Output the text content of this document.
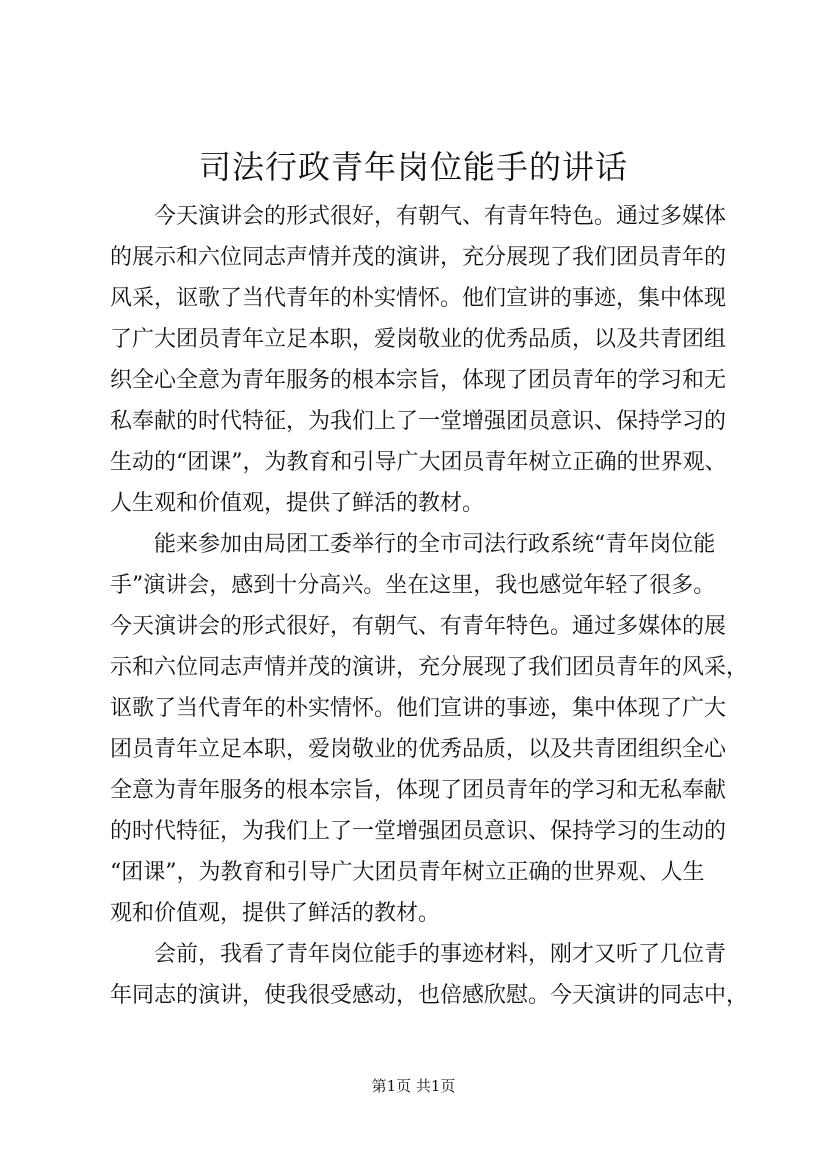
司法行政青年岗位能手的讲话
　　今天演讲会的形式很好，有朝气、有青年特色。通过多媒体
的展示和六位同志声情并茂的演讲，充分展现了我们团员青年的
风采，讴歌了当代青年的朴实情怀。他们宣讲的事迹，集中体现
了广大团员青年立足本职，爱岗敬业的优秀品质，以及共青团组
织全心全意为青年服务的根本宗旨，体现了团员青年的学习和无
私奉献的时代特征，为我们上了一堂增强团员意识、保持学习的
生动的“团课”，为教育和引导广大团员青年树立正确的世界观、
人生观和价值观，提供了鲜活的教材。
　　能来参加由局团工委举行的全市司法行政系统“青年岗位能
手”演讲会，感到十分高兴。坐在这里，我也感觉年轻了很多。
今天演讲会的形式很好，有朝气、有青年特色。通过多媒体的展
示和六位同志声情并茂的演讲，充分展现了我们团员青年的风采，
讴歌了当代青年的朴实情怀。他们宣讲的事迹，集中体现了广大
团员青年立足本职，爱岗敬业的优秀品质，以及共青团组织全心
全意为青年服务的根本宗旨，体现了团员青年的学习和无私奉献
的时代特征，为我们上了一堂增强团员意识、保持学习的生动的
“团课”，为教育和引导广大团员青年树立正确的世界观、人生
观和价值观，提供了鲜活的教材。
　　会前，我看了青年岗位能手的事迹材料，刚才又听了几位青
年同志的演讲，使我很受感动，也倍感欣慰。今天演讲的同志中，
第1页 共1页
